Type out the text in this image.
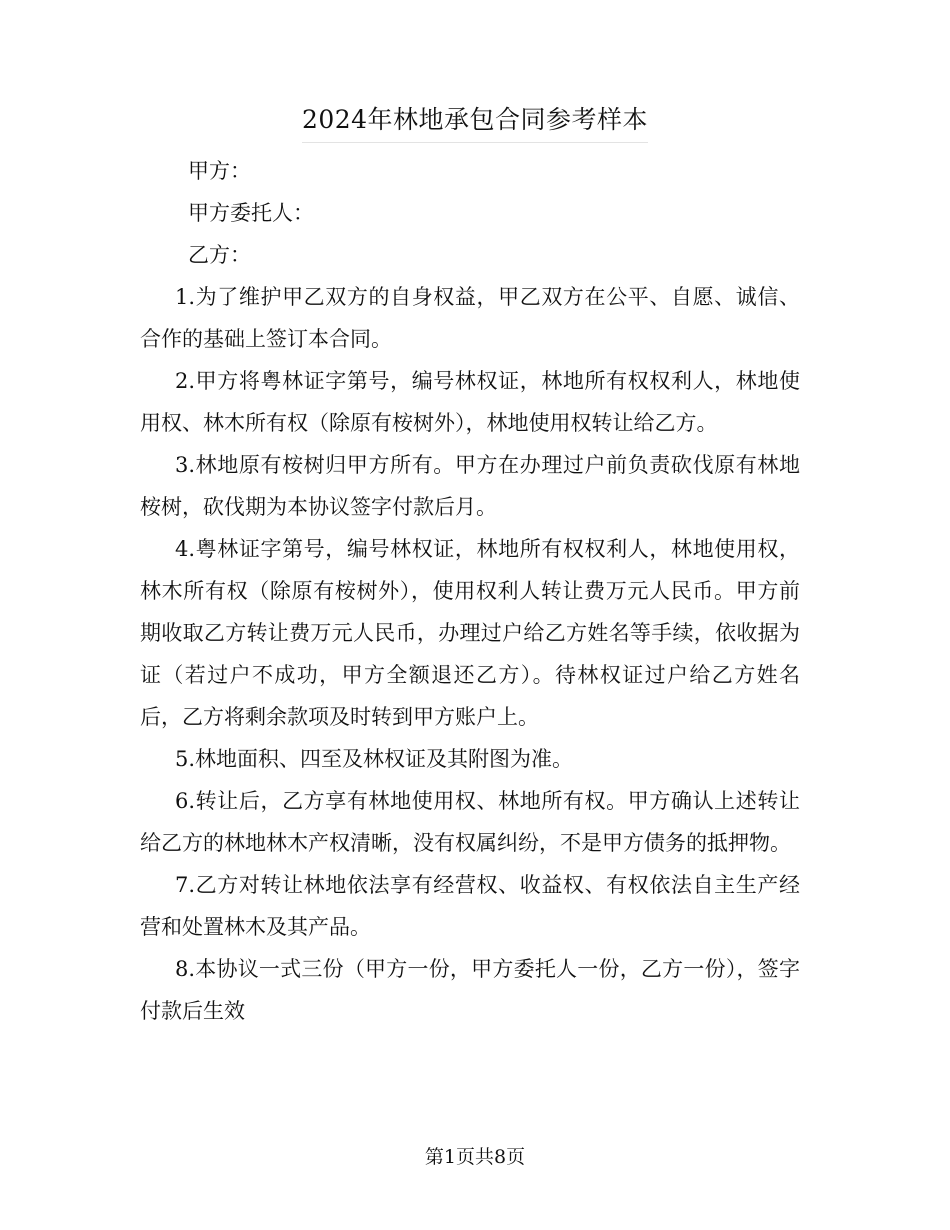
2024年林地承包合同参考样本

甲方：

甲方委托人：

乙方：

1.为了维护甲乙双方的自身权益，甲乙双方在公平、自愿、诚信、合作的基础上签订本合同。

2.甲方将粤林证字第号，编号林权证，林地所有权权利人，林地使用权、林木所有权（除原有桉树外），林地使用权转让给乙方。

3.林地原有桉树归甲方所有。甲方在办理过户前负责砍伐原有林地桉树，砍伐期为本协议签字付款后月。

4.粤林证字第号，编号林权证，林地所有权权利人，林地使用权，林木所有权（除原有桉树外），使用权利人转让费万元人民币。甲方前期收取乙方转让费万元人民币，办理过户给乙方姓名等手续，依收据为证（若过户不成功，甲方全额退还乙方）。待林权证过户给乙方姓名后，乙方将剩余款项及时转到甲方账户上。

5.林地面积、四至及林权证及其附图为准。

6.转让后，乙方享有林地使用权、林地所有权。甲方确认上述转让给乙方的林地林木产权清晰，没有权属纠纷，不是甲方债务的抵押物。

7.乙方对转让林地依法享有经营权、收益权、有权依法自主生产经营和处置林木及其产品。

8.本协议一式三份（甲方一份，甲方委托人一份，乙方一份），签字付款后生效

第1页共8页
